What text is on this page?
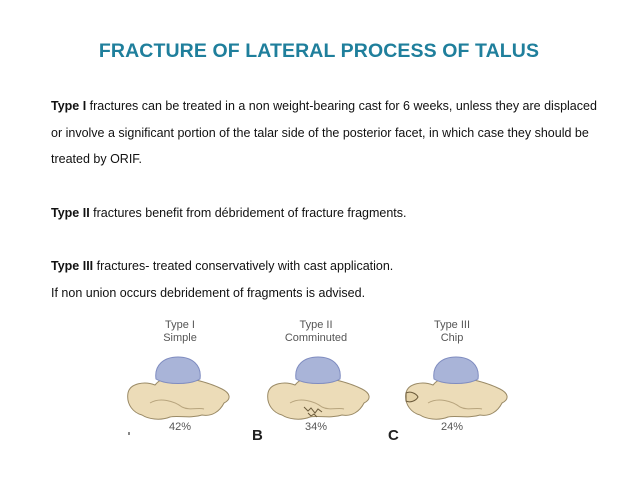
FRACTURE OF LATERAL PROCESS OF TALUS

Type I fractures can be treated in a non weight-bearing cast for 6 weeks, unless they are displaced or involve a significant portion of the talar side of the posterior facet, in which case they should be treated by ORIF.

Type II fractures benefit from débridement of fracture fragments.

Type III fractures- treated conservatively with cast application.

If non union occurs debridement of fragments is advised.

Type I
Simple
Type II
Comminuted
Type III
Chip
42%	34%	24%
B	C
